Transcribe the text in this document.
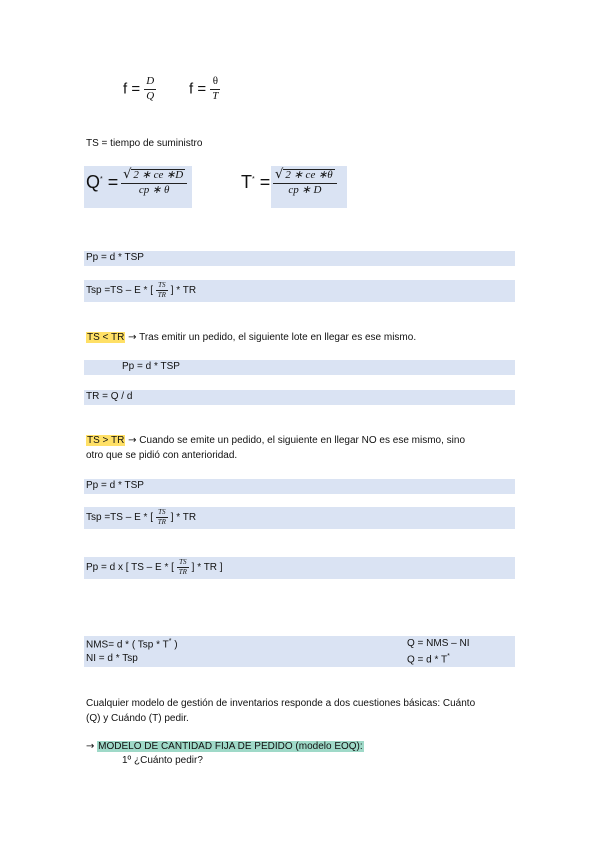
$f = \frac{D}{Q}$ $f = \frac{\theta}{T}$
TS = tiempo de suministro
$Q^* = \frac{√ 2 ∗ ce ∗D}{cp ∗ \theta}$	$T^* = \frac{√ 2 ∗ ce ∗\theta}{cp ∗ D}$
Pp = d * TSP
Tsp =TS – E * [ $\frac{TS}{TR}$ ] * TR
TS < TR → Tras emitir un pedido, el siguiente lote en llegar es ese mismo.
Pp = d * TSP
TR = Q / d
TS > TR → Cuando se emite un pedido, el siguiente en llegar NO es ese mismo, sino
otro que se pidió con anterioridad.
Pp = d * TSP
Tsp =TS – E * [ $\frac{TS}{TR}$ ] * TR
Pp = d x [ TS – E * [ $\frac{TS}{TR}$ ] * TR ]
NMS= d * ( Tsp * T* )
NI = d * Tsp
Q = NMS – NI
Q = d * T*
Cualquier modelo de gestión de inventarios responde a dos cuestiones básicas: Cuánto
(Q) y Cuándo (T) pedir.
→ MODELO DE CANTIDAD FIJA DE PEDIDO (modelo EOQ):
1º ¿Cuánto pedir?
